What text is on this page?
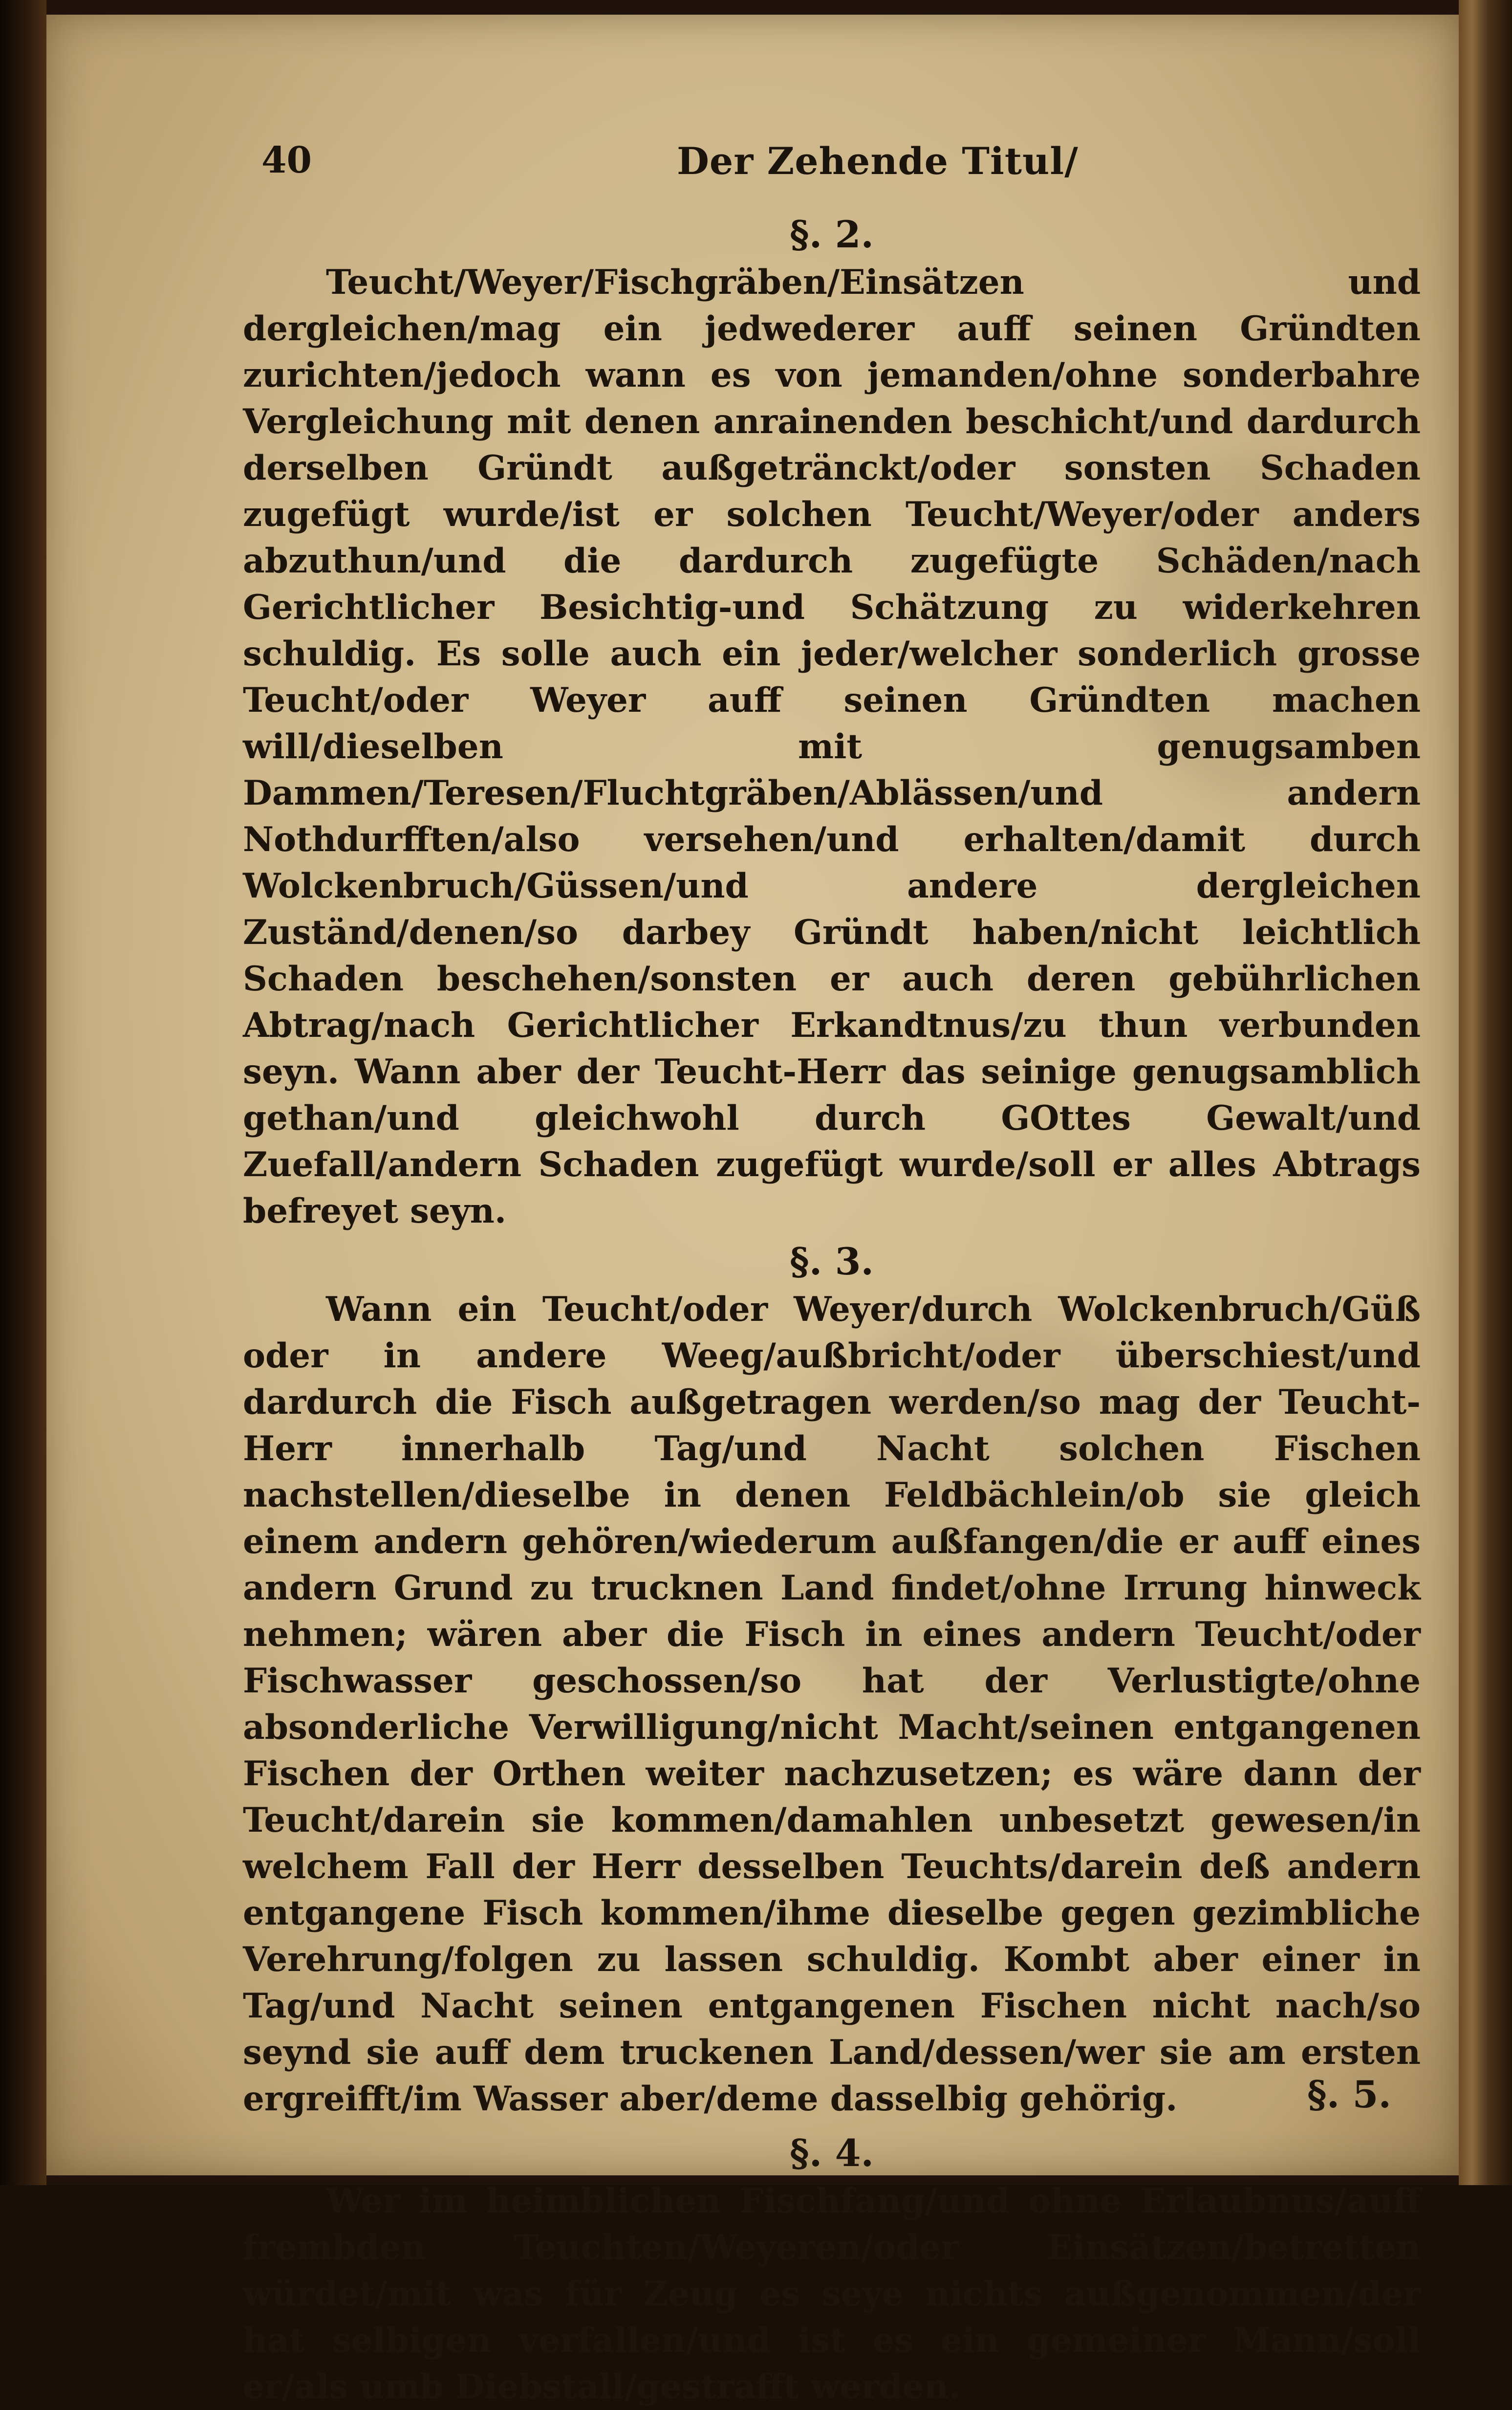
40	Der Zehende Titul/

§. 2.

Teucht/Weyer/Fischgräben/Einsätzen und dergleichen/mag ein jedwederer auff seinen Gründten zurichten/jedoch wann es von jemanden/ohne sonderbahre Vergleichung mit denen anrainenden beschicht/und dardurch derselben Gründt außgetränckt/oder sonsten Schaden zugefügt wurde/ist er solchen Teucht/Weyer/oder anders abzuthun/und die dardurch zugefügte Schäden/nach Gerichtlicher Besichtig-und Schätzung zu widerkehren schuldig. Es solle auch ein jeder/welcher sonderlich grosse Teucht/oder Weyer auff seinen Gründten machen will/dieselben mit genugsamben Dammen/Teresen/Fluchtgräben/Ablässen/und andern Nothdurfften/also versehen/und erhalten/damit durch Wolckenbruch/Güssen/und andere dergleichen Zuständ/denen/so darbey Gründt haben/nicht leichtlich Schaden beschehen/sonsten er auch deren gebührlichen Abtrag/nach Gerichtlicher Erkandtnus/zu thun verbunden seyn. Wann aber der Teucht-Herr das seinige genugsamblich gethan/und gleichwohl durch GOttes Gewalt/und Zuefall/andern Schaden zugefügt wurde/soll er alles Abtrags befreyet seyn.

§. 3.

Wann ein Teucht/oder Weyer/durch Wolckenbruch/Güß oder in andere Weeg/außbricht/oder überschiest/und dardurch die Fisch außgetragen werden/so mag der Teucht-Herr innerhalb Tag/und Nacht solchen Fischen nachstellen/dieselbe in denen Feldbächlein/ob sie gleich einem andern gehören/wiederum außfangen/die er auff eines andern Grund zu trucknen Land findet/ohne Irrung hinweck nehmen; wären aber die Fisch in eines andern Teucht/oder Fischwasser geschossen/so hat der Verlustigte/ohne absonderliche Verwilligung/nicht Macht/seinen entgangenen Fischen der Orthen weiter nachzusetzen; es wäre dann der Teucht/darein sie kommen/damahlen unbesetzt gewesen/in welchem Fall der Herr desselben Teuchts/darein deß andern entgangene Fisch kommen/ihme dieselbe gegen gezimbliche Verehrung/folgen zu lassen schuldig. Kombt aber einer in Tag/und Nacht seinen entgangenen Fischen nicht nach/so seynd sie auff dem truckenen Land/dessen/wer sie am ersten ergreifft/im Wasser aber/deme dasselbig gehörig.

§. 4.

Wer im heimblichen Fischfang/und ohne Erlaubnus/auff frembden Teuchten/Weyeren/oder Einsätzen/betretten würdet/mit was für Zeug es seye nichts außgenommen/der hat selbigen verfallen/und ist es ein gemeiner Mann/soll er/als umb Diebstall/gestrafft werden.

§. 5.
